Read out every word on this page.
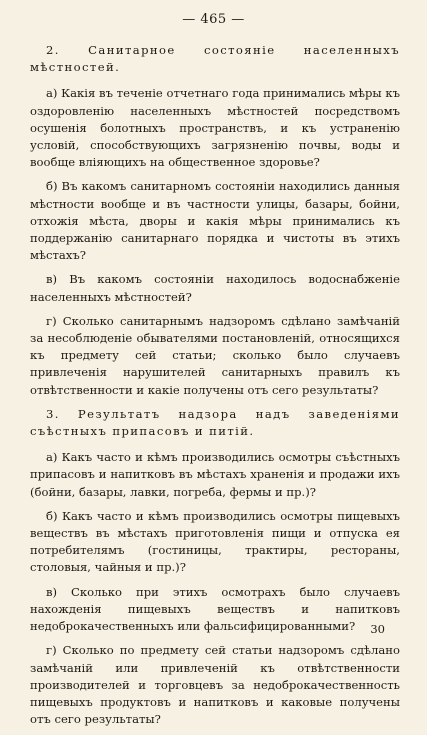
— 465 —

2. Санитарное состоянiе населенныхъ мѣстностей.

а) Какiя въ теченiе отчетнаго года принимались мѣры къ оздоровленiю населенныхъ мѣстностей посредствомъ осушенiя болотныхъ пространствъ, и къ устраненiю условiй, способствующихъ загрязненiю почвы, воды и вообще влiяющихъ на общественное здоровье?

б) Въ какомъ санитарномъ состоянiи находились данныя мѣстности вообще и въ частности улицы, базары, бойни, отхожiя мѣста, дворы и какiя мѣры принимались къ поддержанiю санитарнаго порядка и чистоты въ этихъ мѣстахъ?

в) Въ какомъ состоянiи находилось водоснабженiе населенныхъ мѣстностей?

г) Сколько санитарнымъ надзоромъ сдѣлано замѣчанiй за несоблюденiе обывателями постановленiй, относящихся къ предмету сей статьи; сколько было случаевъ привлеченiя нарушителей санитарныхъ правилъ къ отвѣтственности и какiе получены отъ сего результаты?

3. Результатъ надзора надъ заведенiями съѣстныхъ припасовъ и питiй.

а) Какъ часто и кѣмъ производились осмотры съѣстныхъ припасовъ и напитковъ въ мѣстахъ храненiя и продажи ихъ (бойни, базары, лавки, погреба, фермы и пр.)?

б) Какъ часто и кѣмъ производились осмотры пищевыхъ веществъ въ мѣстахъ приготовленiя пищи и отпуска ея потребителямъ (гостиницы, трактиры, рестораны, столовыя, чайныя и пр.)?

в) Сколько при этихъ осмотрахъ было случаевъ нахожденiя пищевыхъ веществъ и напитковъ недоброкачественныхъ или фальсифицированными?

г) Сколько по предмету сей статьи надзоромъ сдѣлано замѣчанiй или привлеченiй къ отвѣтственности производителей и торговцевъ за недоброкачественность пищевыхъ продуктовъ и напитковъ и каковые получены отъ сего результаты?

30
